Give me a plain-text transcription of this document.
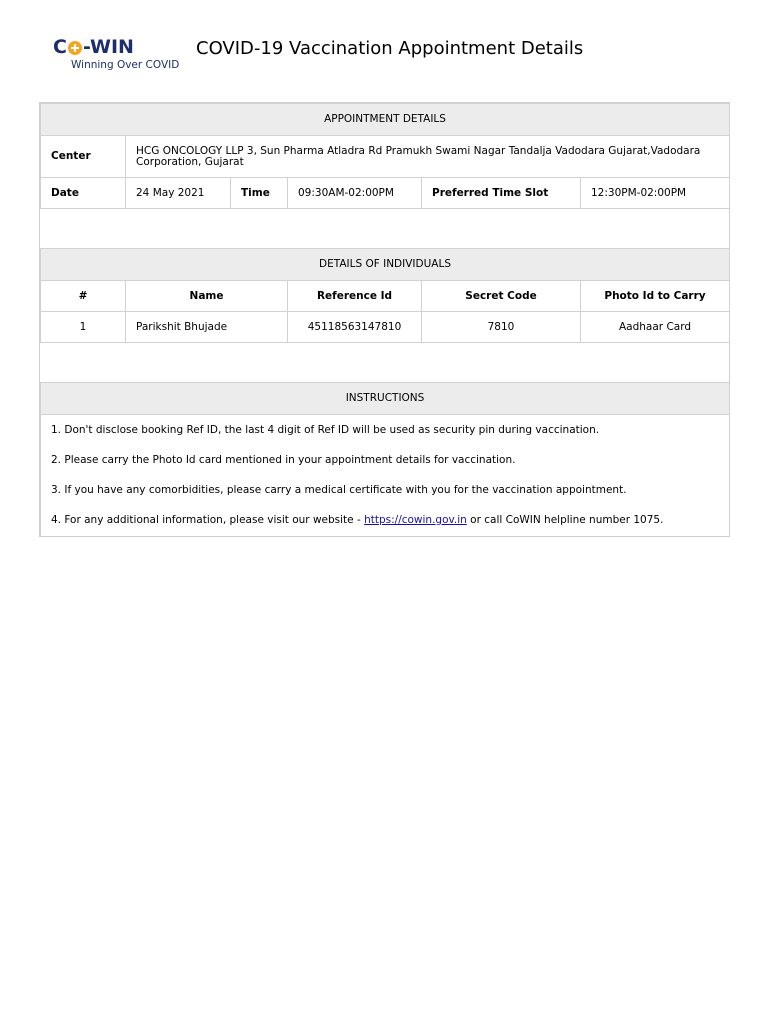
C -WIN
Winning Over COVID
COVID-19 Vaccination Appointment Details
APPOINTMENT DETAILS					
Center	HCG ONCOLOGY LLP 3, Sun Pharma Atladra Rd Pramukh Swami Nagar Tandalja Vadodara Gujarat,Vadodara Corporation, Gujarat				
Date	24 May 2021	Time	09:30AM-02:00PM	Preferred Time Slot	12:30PM-02:00PM

DETAILS OF INDIVIDUALS					
#	Name		Reference Id	Secret Code	Photo Id to Carry
1	Parikshit Bhujade		45118563147810	7810	Aadhaar Card

INSTRUCTIONS					

1. Don't disclose booking Ref ID, the last 4 digit of Ref ID will be used as security pin during vaccination.
2. Please carry the Photo Id card mentioned in your appointment details for vaccination.
3. If you have any comorbidities, please carry a medical certificate with you for the vaccination appointment.
4. For any additional information, please visit our website - https://cowin.gov.in or call CoWIN helpline number 1075.					
